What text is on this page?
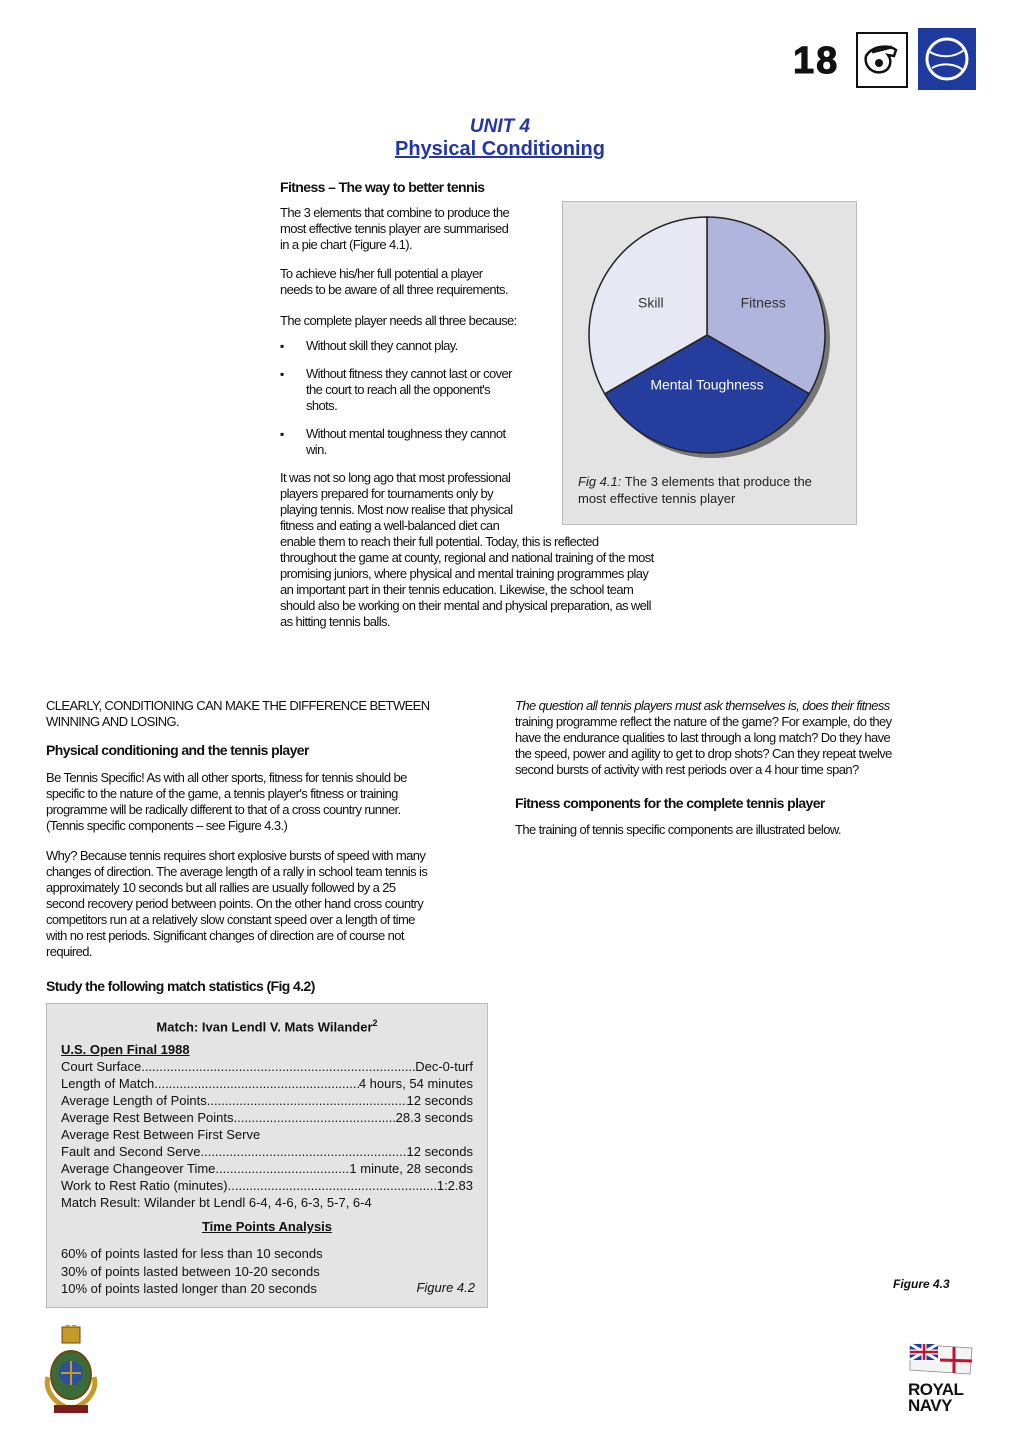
18
UNIT 4
Physical Conditioning
Fitness – The way to better tennis
The 3 elements that combine to produce the
most effective tennis player are summarised
in a pie chart (Figure 4.1).
To achieve his/her full potential a player
needs to be aware of all three requirements.
The complete player needs all three because:
▪ Without skill they cannot play.
▪ Without fitness they cannot last or cover
the court to reach all the opponent's
shots.
▪ Without mental toughness they cannot
win.
It was not so long ago that most professional
players prepared for tournaments only by
playing tennis. Most now realise that physical
fitness and eating a well-balanced diet can
enable them to reach their full potential. Today, this is reflected
throughout the game at county, regional and national training of the most
promising juniors, where physical and mental training programmes play
an important part in their tennis education. Likewise, the school team
should also be working on their mental and physical preparation, as well
as hitting tennis balls.
Fitness
Mental Toughness
Skill
Fig 4.1: The 3 elements that produce the
most effective tennis player
CLEARLY, CONDITIONING CAN MAKE THE DIFFERENCE BETWEEN
WINNING AND LOSING.
Physical conditioning and the tennis player
Be Tennis Specific! As with all other sports, fitness for tennis should be
specific to the nature of the game, a tennis player's fitness or training
programme will be radically different to that of a cross country runner.
(Tennis specific components – see Figure 4.3.)
Why? Because tennis requires short explosive bursts of speed with many
changes of direction. The average length of a rally in school team tennis is
approximately 10 seconds but all rallies are usually followed by a 25
second recovery period between points. On the other hand cross country
competitors run at a relatively slow constant speed over a length of time
with no rest periods. Significant changes of direction are of course not
required.
Study the following match statistics (Fig 4.2)
Match: Ivan Lendl V. Mats Wilander$^2$
U.S. Open Final 1988
Court Surface .....	Dec-0-turf
Length of Match .....	4 hours, 54 minutes
Average Length of Points .....	12 seconds
Average Rest Between Points .....	28.3 seconds
Average Rest Between First Serve
Fault and Second Serve .....	12 seconds
Average Changeover Time .....	1 minute, 28 seconds
Work to Rest Ratio (minutes) .....	1:2.83
Match Result: Wilander bt Lendl 6-4, 4-6, 6-3, 5-7, 6-4
Time Points Analysis
60% of points lasted for less than 10 seconds
30% of points lasted between 10-20 seconds
10% of points lasted longer than 20 seconds	Figure 4.2
The question all tennis players must ask themselves is, does their fitness
training programme reflect the nature of the game? For example, do they
have the endurance qualities to last through a long match? Do they have
the speed, power and agility to get to drop shots? Can they repeat twelve
second bursts of activity with rest periods over a 4 hour time span?
Fitness components for the complete tennis player
The training of tennis specific components are illustrated below.
Figure 4.3
ROYAL
NAVY
